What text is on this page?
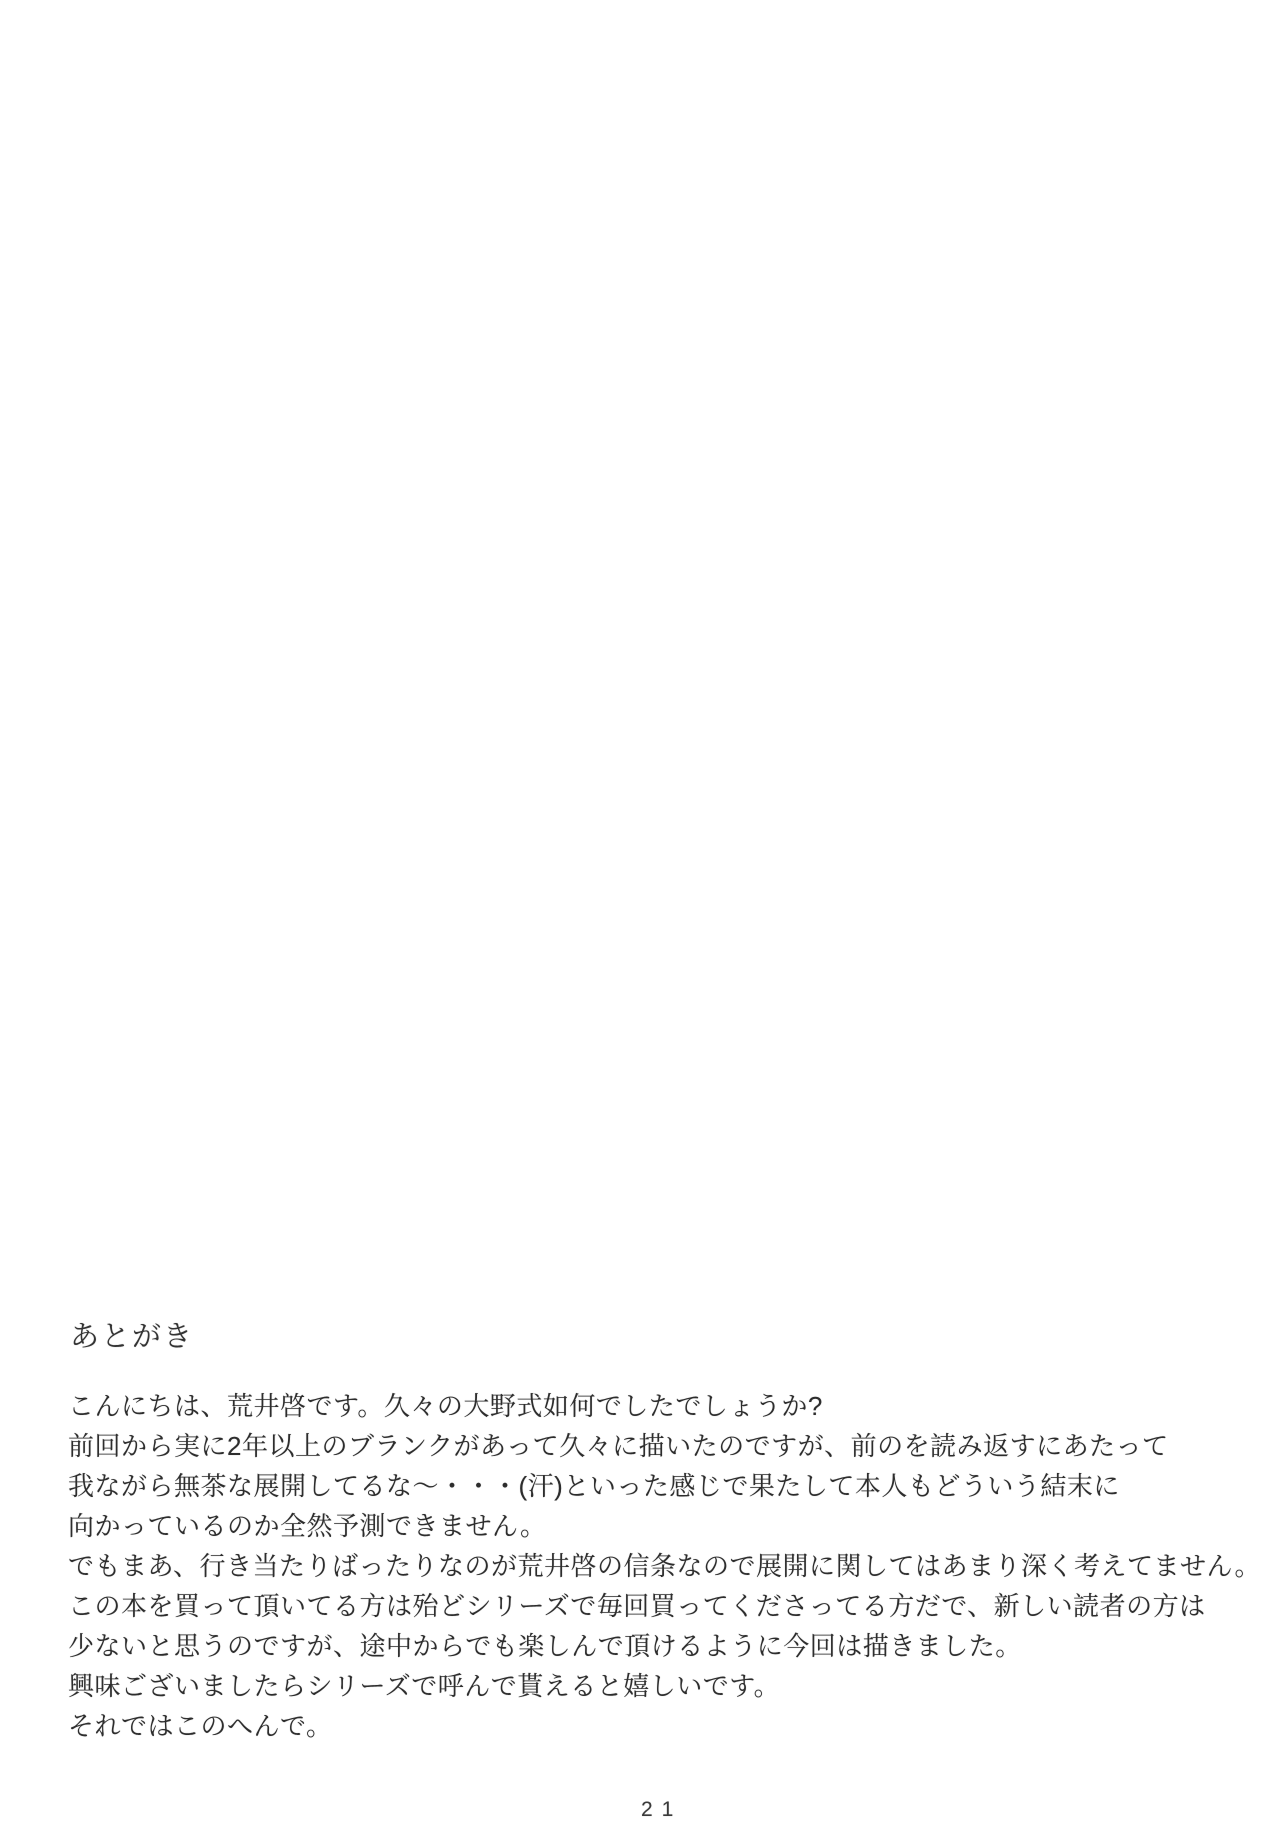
あとがき
こんにちは、荒井啓です。久々の大野式如何でしたでしょうか?
前回から実に2年以上のブランクがあって久々に描いたのですが、前のを読み返すにあたって
我ながら無茶な展開してるな〜・・・(汗)といった感じで果たして本人もどういう結末に
向かっているのか全然予測できません。
でもまあ、行き当たりばったりなのが荒井啓の信条なので展開に関してはあまり深く考えてません。
この本を買って頂いてる方は殆どシリーズで毎回買ってくださってる方だで、新しい読者の方は
少ないと思うのですが、途中からでも楽しんで頂けるように今回は描きました。
興味ございましたらシリーズで呼んで貰えると嬉しいです。
それではこのへんで。
21
